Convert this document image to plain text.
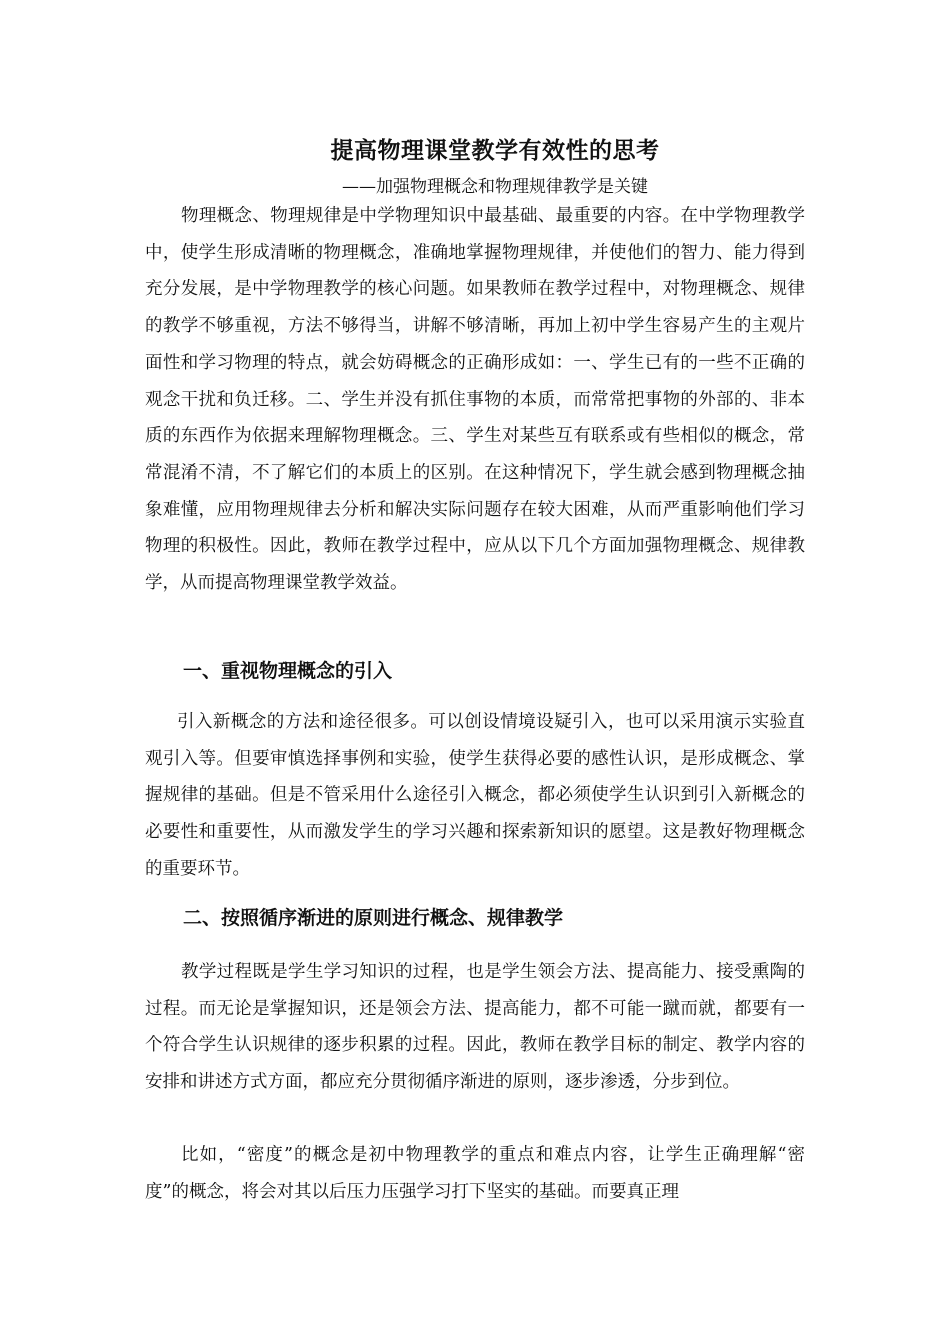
提高物理课堂教学有效性的思考
——加强物理概念和物理规律教学是关键

物理概念、物理规律是中学物理知识中最基础、最重要的内容。在中学物理教学中，使学生形成清晰的物理概念，准确地掌握物理规律，并使他们的智力、能力得到充分发展，是中学物理教学的核心问题。如果教师在教学过程中，对物理概念、规律的教学不够重视，方法不够得当，讲解不够清晰，再加上初中学生容易产生的主观片面性和学习物理的特点，就会妨碍概念的正确形成如：一、学生已有的一些不正确的观念干扰和负迁移。二、学生并没有抓住事物的本质，而常常把事物的外部的、非本质的东西作为依据来理解物理概念。三、学生对某些互有联系或有些相似的概念，常常混淆不清，不了解它们的本质上的区别。在这种情况下，学生就会感到物理概念抽象难懂，应用物理规律去分析和解决实际问题存在较大困难，从而严重影响他们学习物理的积极性。因此，教师在教学过程中，应从以下几个方面加强物理概念、规律教学，从而提高物理课堂教学效益。

一、重视物理概念的引入

引入新概念的方法和途径很多。可以创设情境设疑引入，也可以采用演示实验直观引入等。但要审慎选择事例和实验，使学生获得必要的感性认识，是形成概念、掌握规律的基础。但是不管采用什么途径引入概念，都必须使学生认识到引入新概念的必要性和重要性，从而激发学生的学习兴趣和探索新知识的愿望。这是教好物理概念的重要环节。

二、按照循序渐进的原则进行概念、规律教学

教学过程既是学生学习知识的过程，也是学生领会方法、提高能力、接受熏陶的过程。而无论是掌握知识，还是领会方法、提高能力，都不可能一蹴而就，都要有一个符合学生认识规律的逐步积累的过程。因此，教师在教学目标的制定、教学内容的安排和讲述方式方面，都应充分贯彻循序渐进的原则，逐步渗透，分步到位。

比如，“密度”的概念是初中物理教学的重点和难点内容，让学生正确理解“密度”的概念，将会对其以后压力压强学习打下坚实的基础。而要真正理
